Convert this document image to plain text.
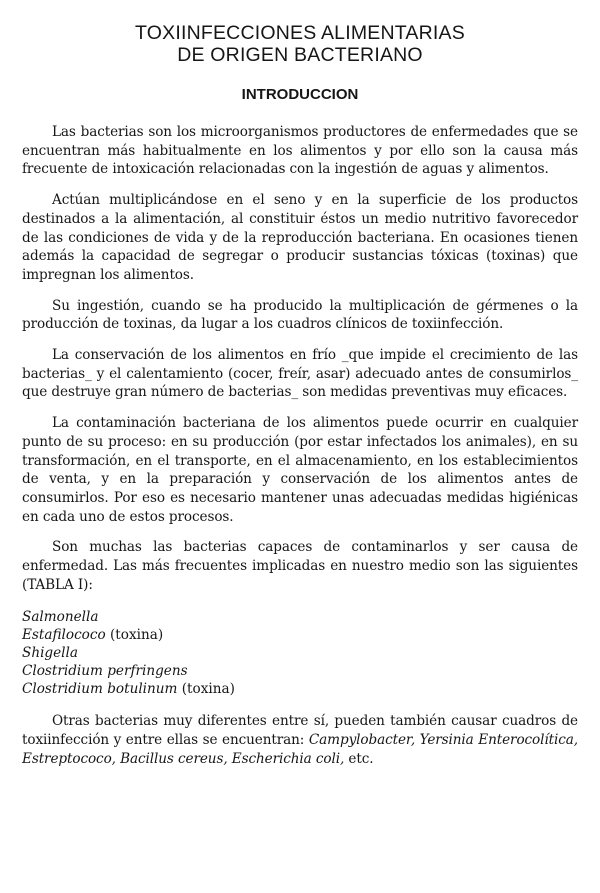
TOXIINFECCIONES ALIMENTARIAS
DE ORIGEN BACTERIANO
INTRODUCCION

Las bacterias son los microorganismos productores de enfermedades que se encuentran más habitualmente en los alimentos y por ello son la causa más frecuente de intoxicación relacionadas con la ingestión de aguas y alimentos.

Actúan multiplicándose en el seno y en la superficie de los productos destinados a la alimentación, al constituir éstos un medio nutritivo favorecedor de las condiciones de vida y de la reproducción bacteriana. En ocasiones tienen además la capacidad de segregar o producir sustancias tóxicas (toxinas) que impregnan los alimentos.

Su ingestión, cuando se ha producido la multiplicación de gérmenes o la producción de toxinas, da lugar a los cuadros clínicos de toxiinfección.

La conservación de los alimentos en frío _que impide el crecimiento de las bacterias_ y el calentamiento (cocer, freír, asar) adecuado antes de consumirlos_ que destruye gran número de bacterias_ son medidas preventivas muy eficaces.

La contaminación bacteriana de los alimentos puede ocurrir en cualquier punto de su proceso: en su producción (por estar infectados los animales), en su transformación, en el transporte, en el almacenamiento, en los establecimientos de venta, y en la preparación y conservación de los alimentos antes de consumirlos. Por eso es necesario mantener unas adecuadas medidas higiénicas en cada uno de estos procesos.

Son muchas las bacterias capaces de contaminarlos y ser causa de enfermedad. Las más frecuentes implicadas en nuestro medio son las siguientes (TABLA I):

Salmonella
Estafilococo (toxina)
Shigella
Clostridium perfringens
Clostridium botulinum (toxina)

Otras bacterias muy diferentes entre sí, pueden también causar cuadros de toxiinfección y entre ellas se encuentran: Campylobacter, Yersinia Enterocolítica, Estreptococo, Bacillus cereus, Escherichia coli, etc.
